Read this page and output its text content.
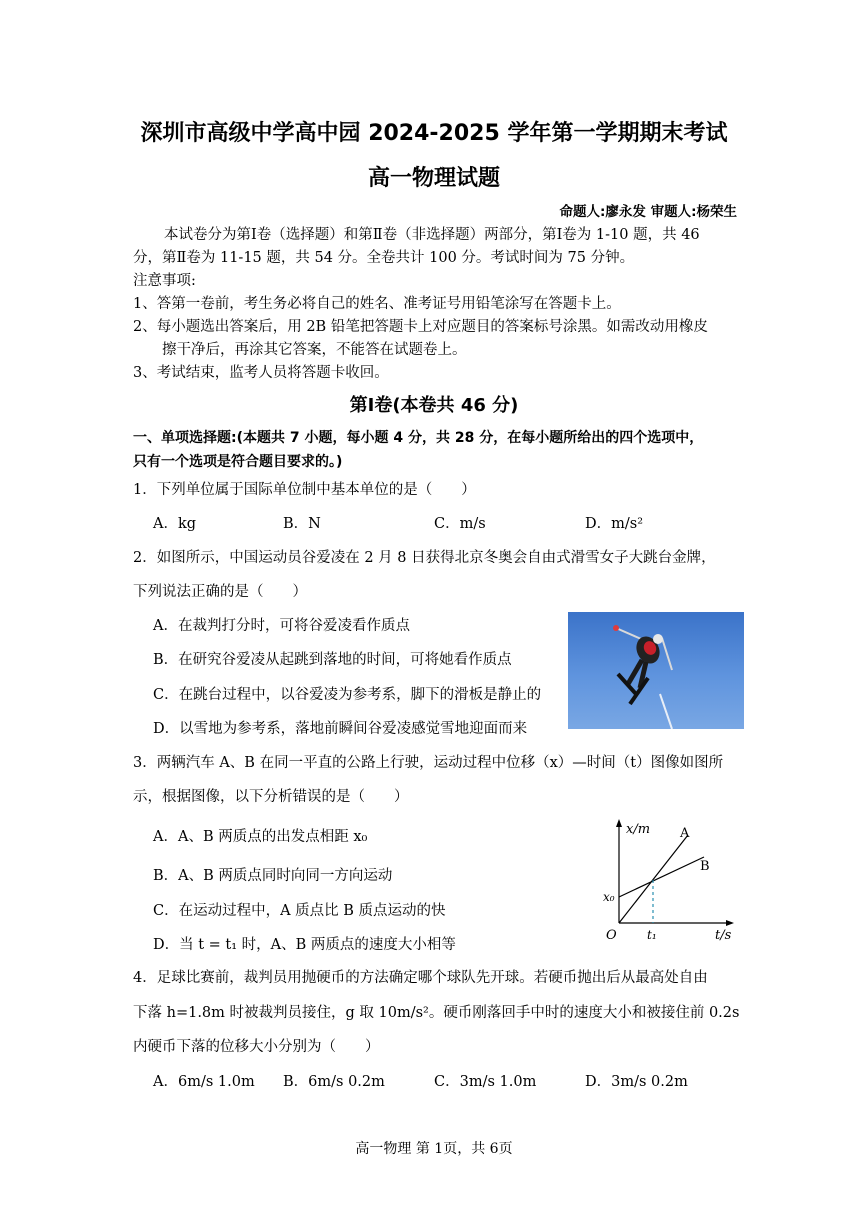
深圳市高级中学高中园 2024-2025 学年第一学期期末考试
高一物理试题
命题人:廖永发 审题人:杨荣生
本试卷分为第Ⅰ卷（选择题）和第Ⅱ卷（非选择题）两部分，第Ⅰ卷为 1-10 题，共 46
分，第Ⅱ卷为 11-15 题，共 54 分。全卷共计 100 分。考试时间为 75 分钟。
注意事项:
1、答第一卷前，考生务必将自己的姓名、准考证号用铅笔涂写在答题卡上。
2、每小题选出答案后，用 2B 铅笔把答题卡上对应题目的答案标号涂黑。如需改动用橡皮
擦干净后，再涂其它答案，不能答在试题卷上。
3、考试结束，监考人员将答题卡收回。
第Ⅰ卷(本卷共 46 分)
一、单项选择题:(本题共 7 小题，每小题 4 分，共 28 分，在每小题所给出的四个选项中，
只有一个选项是符合题目要求的。)
1．下列单位属于国际单位制中基本单位的是（　　）
A．kg	B．N	C．m/s	D．m/s²
2．如图所示，中国运动员谷爱凌在 2 月 8 日获得北京冬奥会自由式滑雪女子大跳台金牌，
下列说法正确的是（　　）
A．在裁判打分时，可将谷爱凌看作质点
B．在研究谷爱凌从起跳到落地的时间，可将她看作质点
C．在跳台过程中，以谷爱凌为参考系，脚下的滑板是静止的
D．以雪地为参考系，落地前瞬间谷爱凌感觉雪地迎面而来
3．两辆汽车 A、B 在同一平直的公路上行驶，运动过程中位移（x）—时间（t）图像如图所
示，根据图像，以下分析错误的是（　　）
A．A、B 两质点的出发点相距 x₀
B．A、B 两质点同时向同一方向运动
C．在运动过程中，A 质点比 B 质点运动的快
D．当 t = t₁ 时，A、B 两质点的速度大小相等
x/m
t/s
O
x₀
t₁
A
B
4．足球比赛前，裁判员用抛硬币的方法确定哪个球队先开球。若硬币抛出后从最高处自由
下落 h=1.8m 时被裁判员接住，g 取 10m/s²。硬币刚落回手中时的速度大小和被接住前 0.2s
内硬币下落的位移大小分别为（　　）
A．6m/s 1.0m B．6m/s 0.2m	C．3m/s 1.0m	D．3m/s 0.2m
高一物理 第 1页，共 6页
